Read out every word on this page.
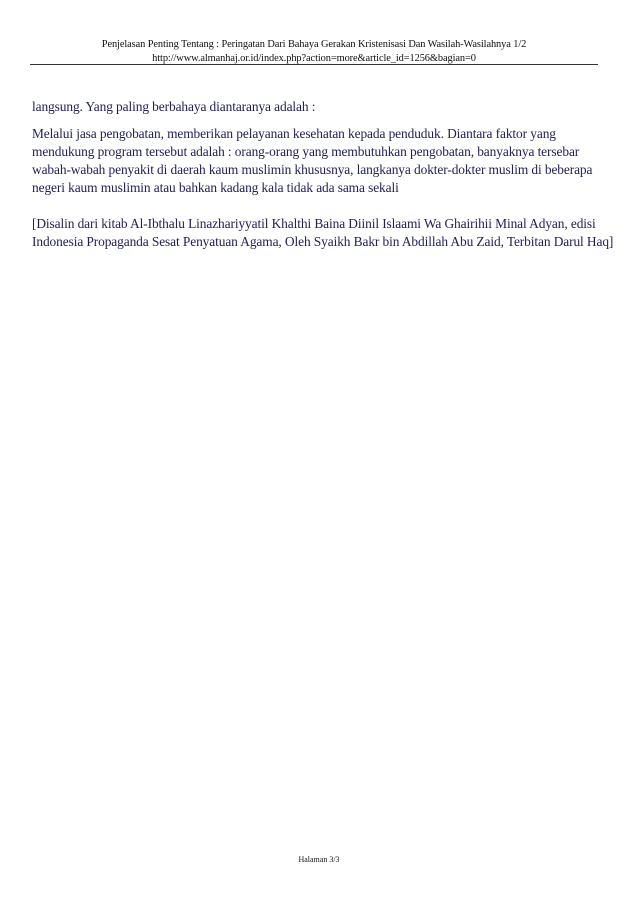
Penjelasan Penting Tentang : Peringatan Dari Bahaya Gerakan Kristenisasi Dan Wasilah-Wasilahnya 1/2
http://www.almanhaj.or.id/index.php?action=more&article_id=1256&bagian=0

langsung. Yang paling berbahaya diantaranya adalah :

Melalui jasa pengobatan, memberikan pelayanan kesehatan kepada penduduk. Diantara faktor yang
mendukung program tersebut adalah : orang-orang yang membutuhkan pengobatan, banyaknya tersebar
wabah-wabah penyakit di daerah kaum muslimin khususnya, langkanya dokter-dokter muslim di beberapa
negeri kaum muslimin atau bahkan kadang kala tidak ada sama sekali

[Disalin dari kitab Al-Ibthalu Linazhariyyatil Khalthi Baina Diinil Islaami Wa Ghairihii Minal Adyan, edisi
Indonesia Propaganda Sesat Penyatuan Agama, Oleh Syaikh Bakr bin Abdillah Abu Zaid, Terbitan Darul Haq]

Halaman 3/3
